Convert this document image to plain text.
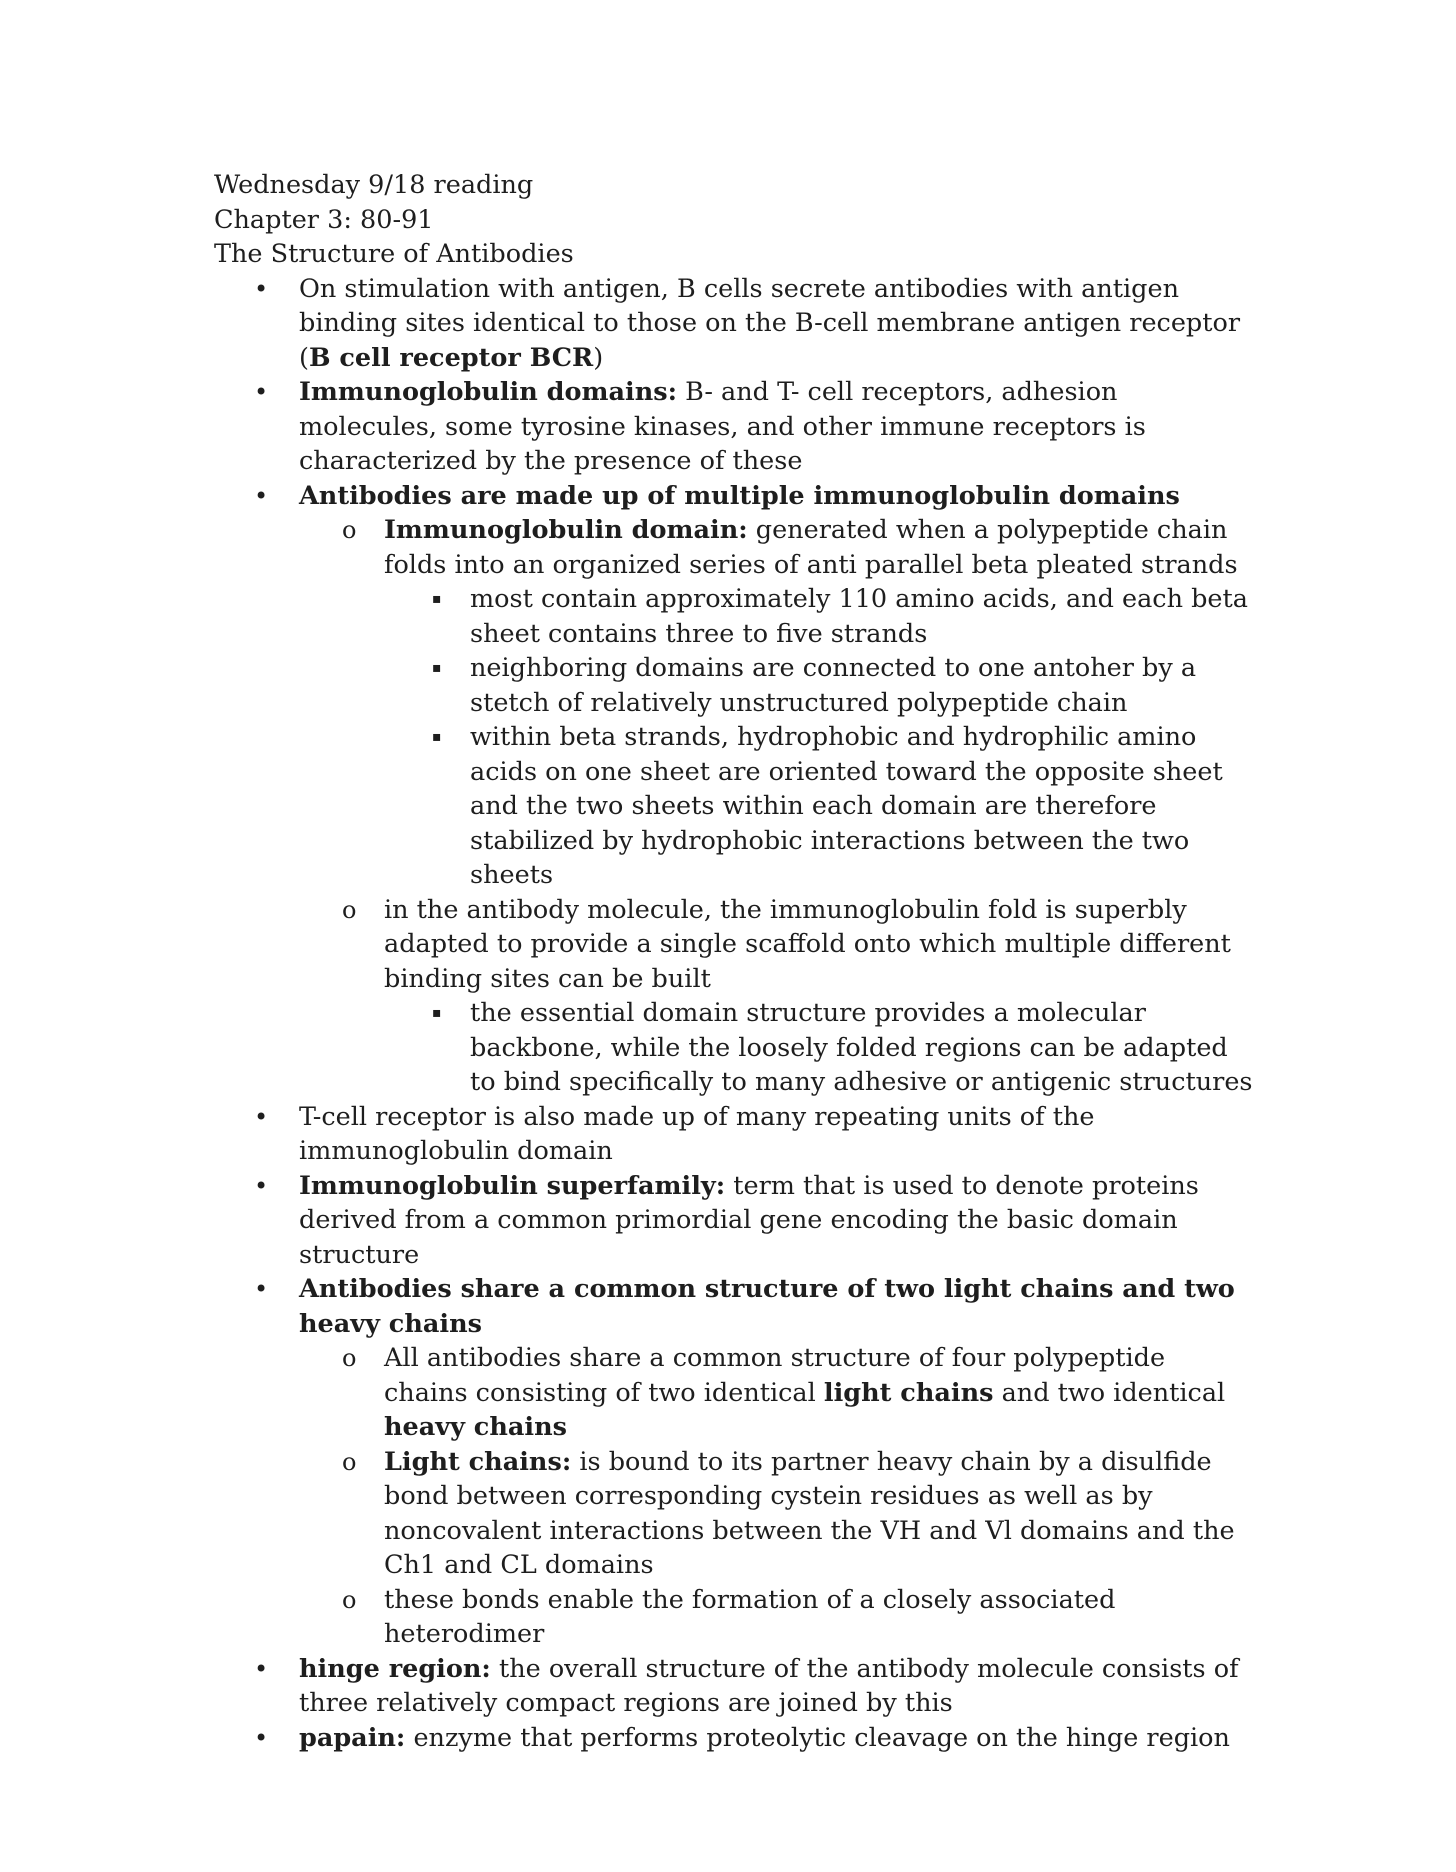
Wednesday 9/18 reading

Chapter 3: 80-91

The Structure of Antibodies

• On stimulation with antigen, B cells secrete antibodies with antigen binding sites identical to those on the B-cell membrane antigen receptor (B cell receptor BCR)
• Immunoglobulin domains: B- and T- cell receptors, adhesion molecules, some tyrosine kinases, and other immune receptors is characterized by the presence of these
• Antibodies are made up of multiple immunoglobulin domains
o Immunoglobulin domain: generated when a polypeptide chain folds into an organized series of anti parallel beta pleated strands
▪ most contain approximately 110 amino acids, and each beta sheet contains three to five strands
▪ neighboring domains are connected to one antoher by a stetch of relatively unstructured polypeptide chain
▪ within beta strands, hydrophobic and hydrophilic amino acids on one sheet are oriented toward the opposite sheet and the two sheets within each domain are therefore stabilized by hydrophobic interactions between the two sheets
o in the antibody molecule, the immunoglobulin fold is superbly adapted to provide a single scaffold onto which multiple different binding sites can be built
▪ the essential domain structure provides a molecular backbone, while the loosely folded regions can be adapted to bind specifically to many adhesive or antigenic structures
• T-cell receptor is also made up of many repeating units of the immunoglobulin domain
• Immunoglobulin superfamily: term that is used to denote proteins derived from a common primordial gene encoding the basic domain structure
• Antibodies share a common structure of two light chains and two heavy chains
o All antibodies share a common structure of four polypeptide chains consisting of two identical light chains and two identical heavy chains
o Light chains: is bound to its partner heavy chain by a disulfide bond between corresponding cystein residues as well as by noncovalent interactions between the VH and Vl domains and the Ch1 and CL domains
o these bonds enable the formation of a closely associated heterodimer
• hinge region: the overall structure of the antibody molecule consists of three relatively compact regions are joined by this
• papain: enzyme that performs proteolytic cleavage on the hinge region
